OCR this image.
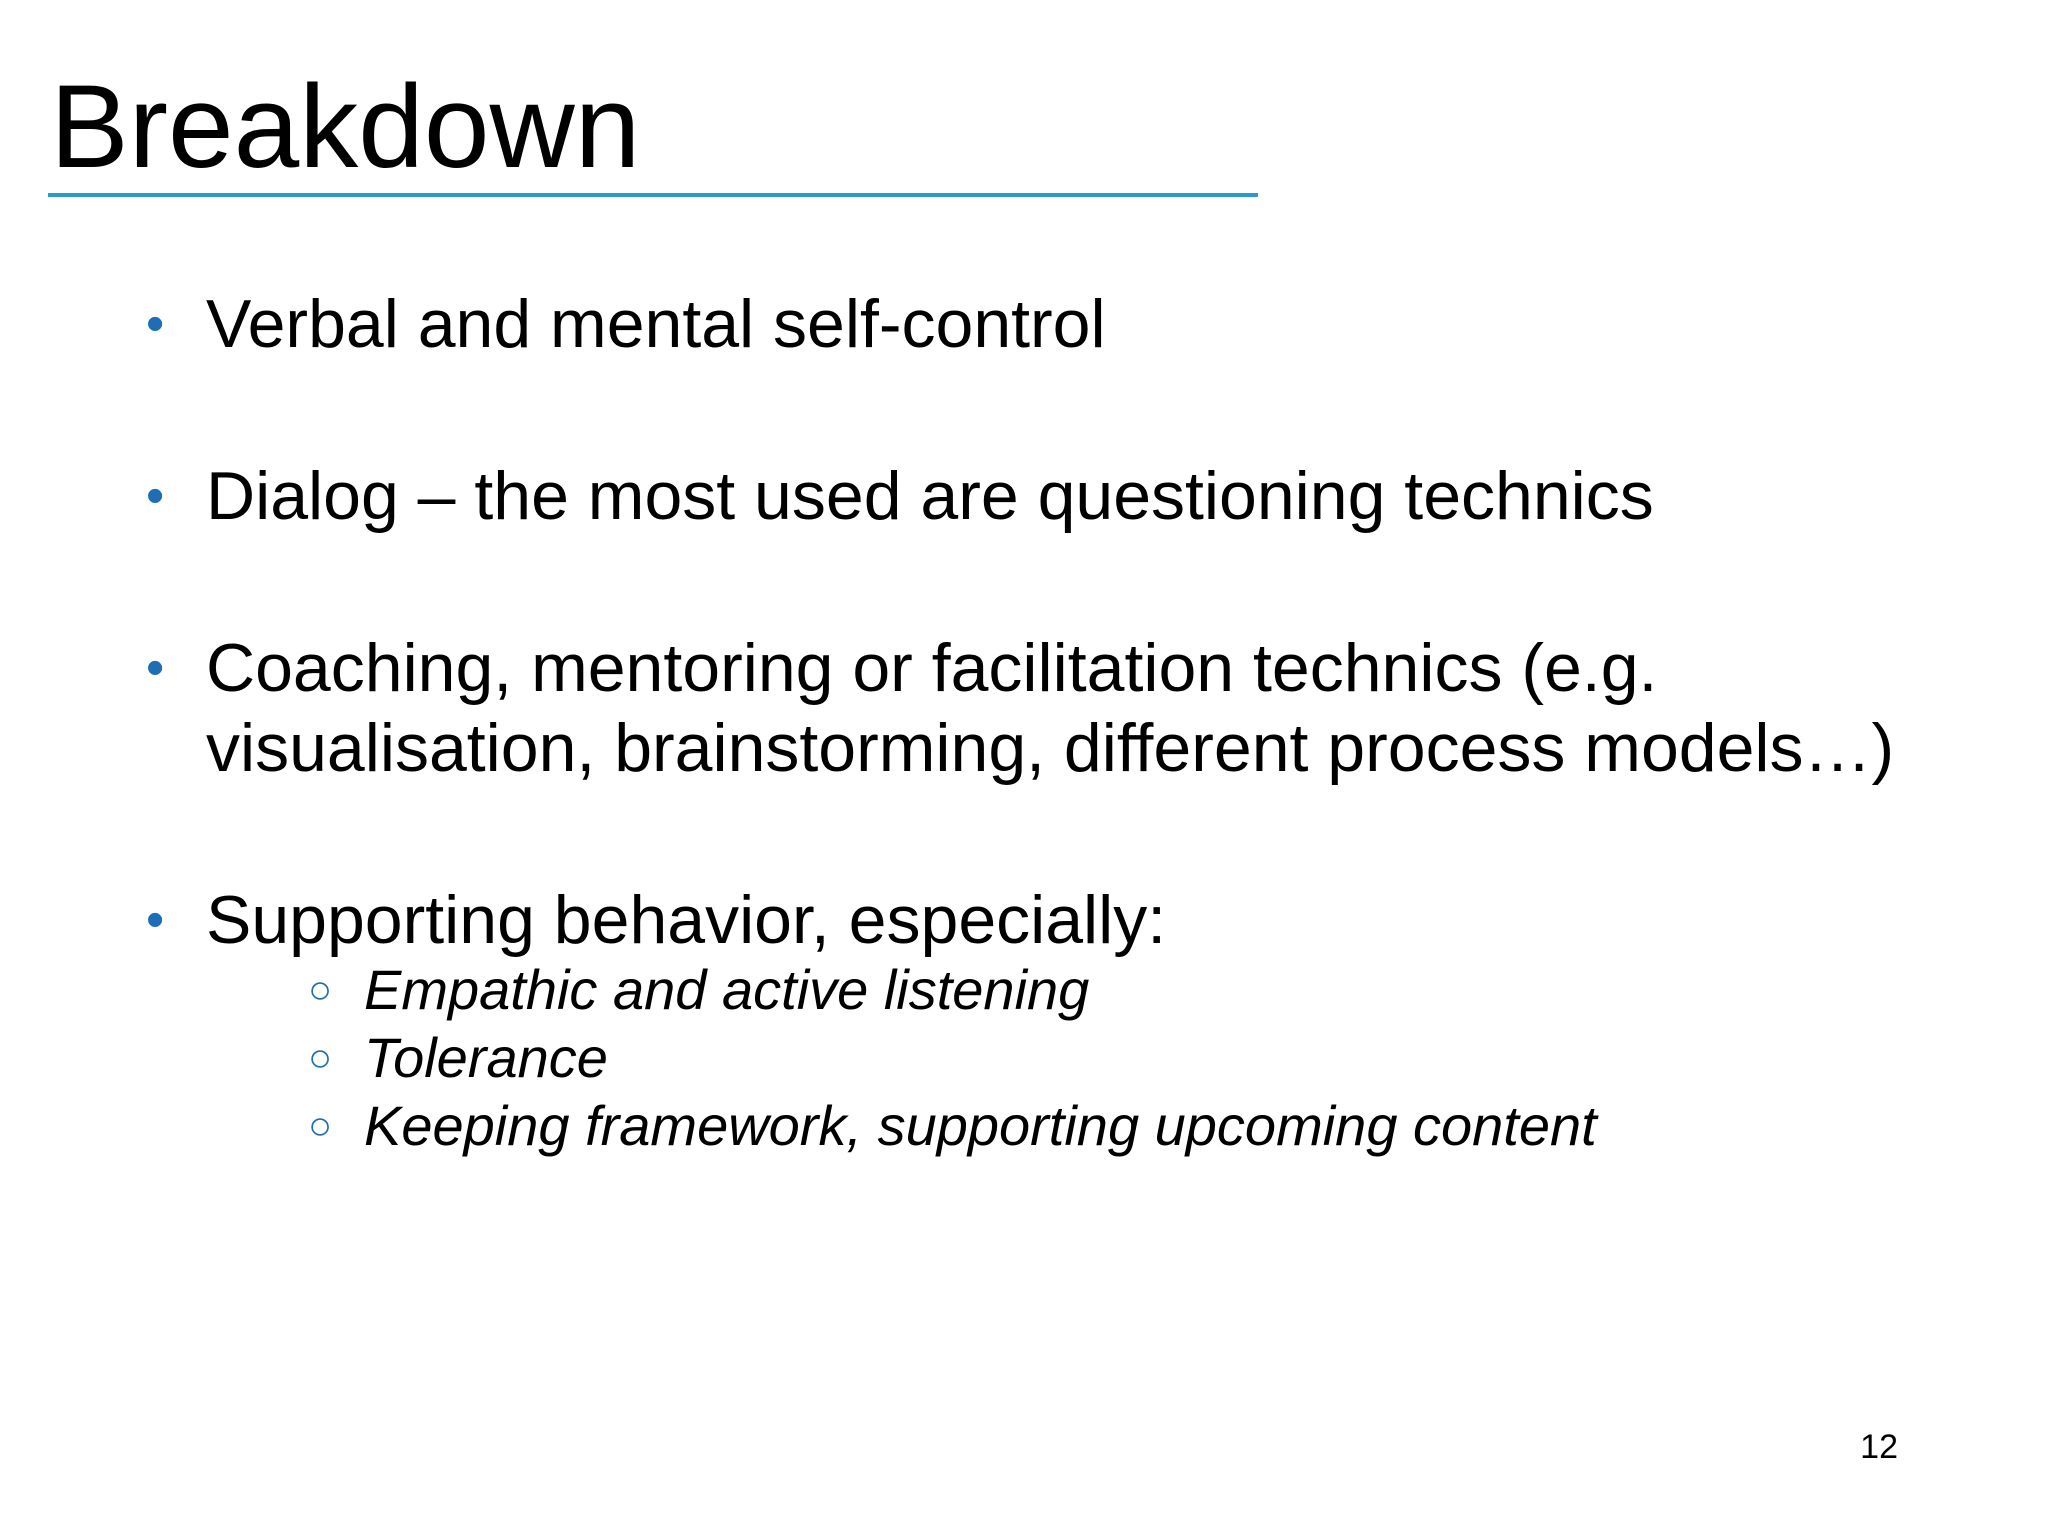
Breakdown
• Verbal and mental self-control
• Dialog – the most used are questioning technics
• Coaching, mentoring or facilitation technics (e.g.
visualisation, brainstorming, different process models…)
• Supporting behavior, especially:
○ Empathic and active listening
○ Tolerance
○ Keeping framework, supporting upcoming content
12
